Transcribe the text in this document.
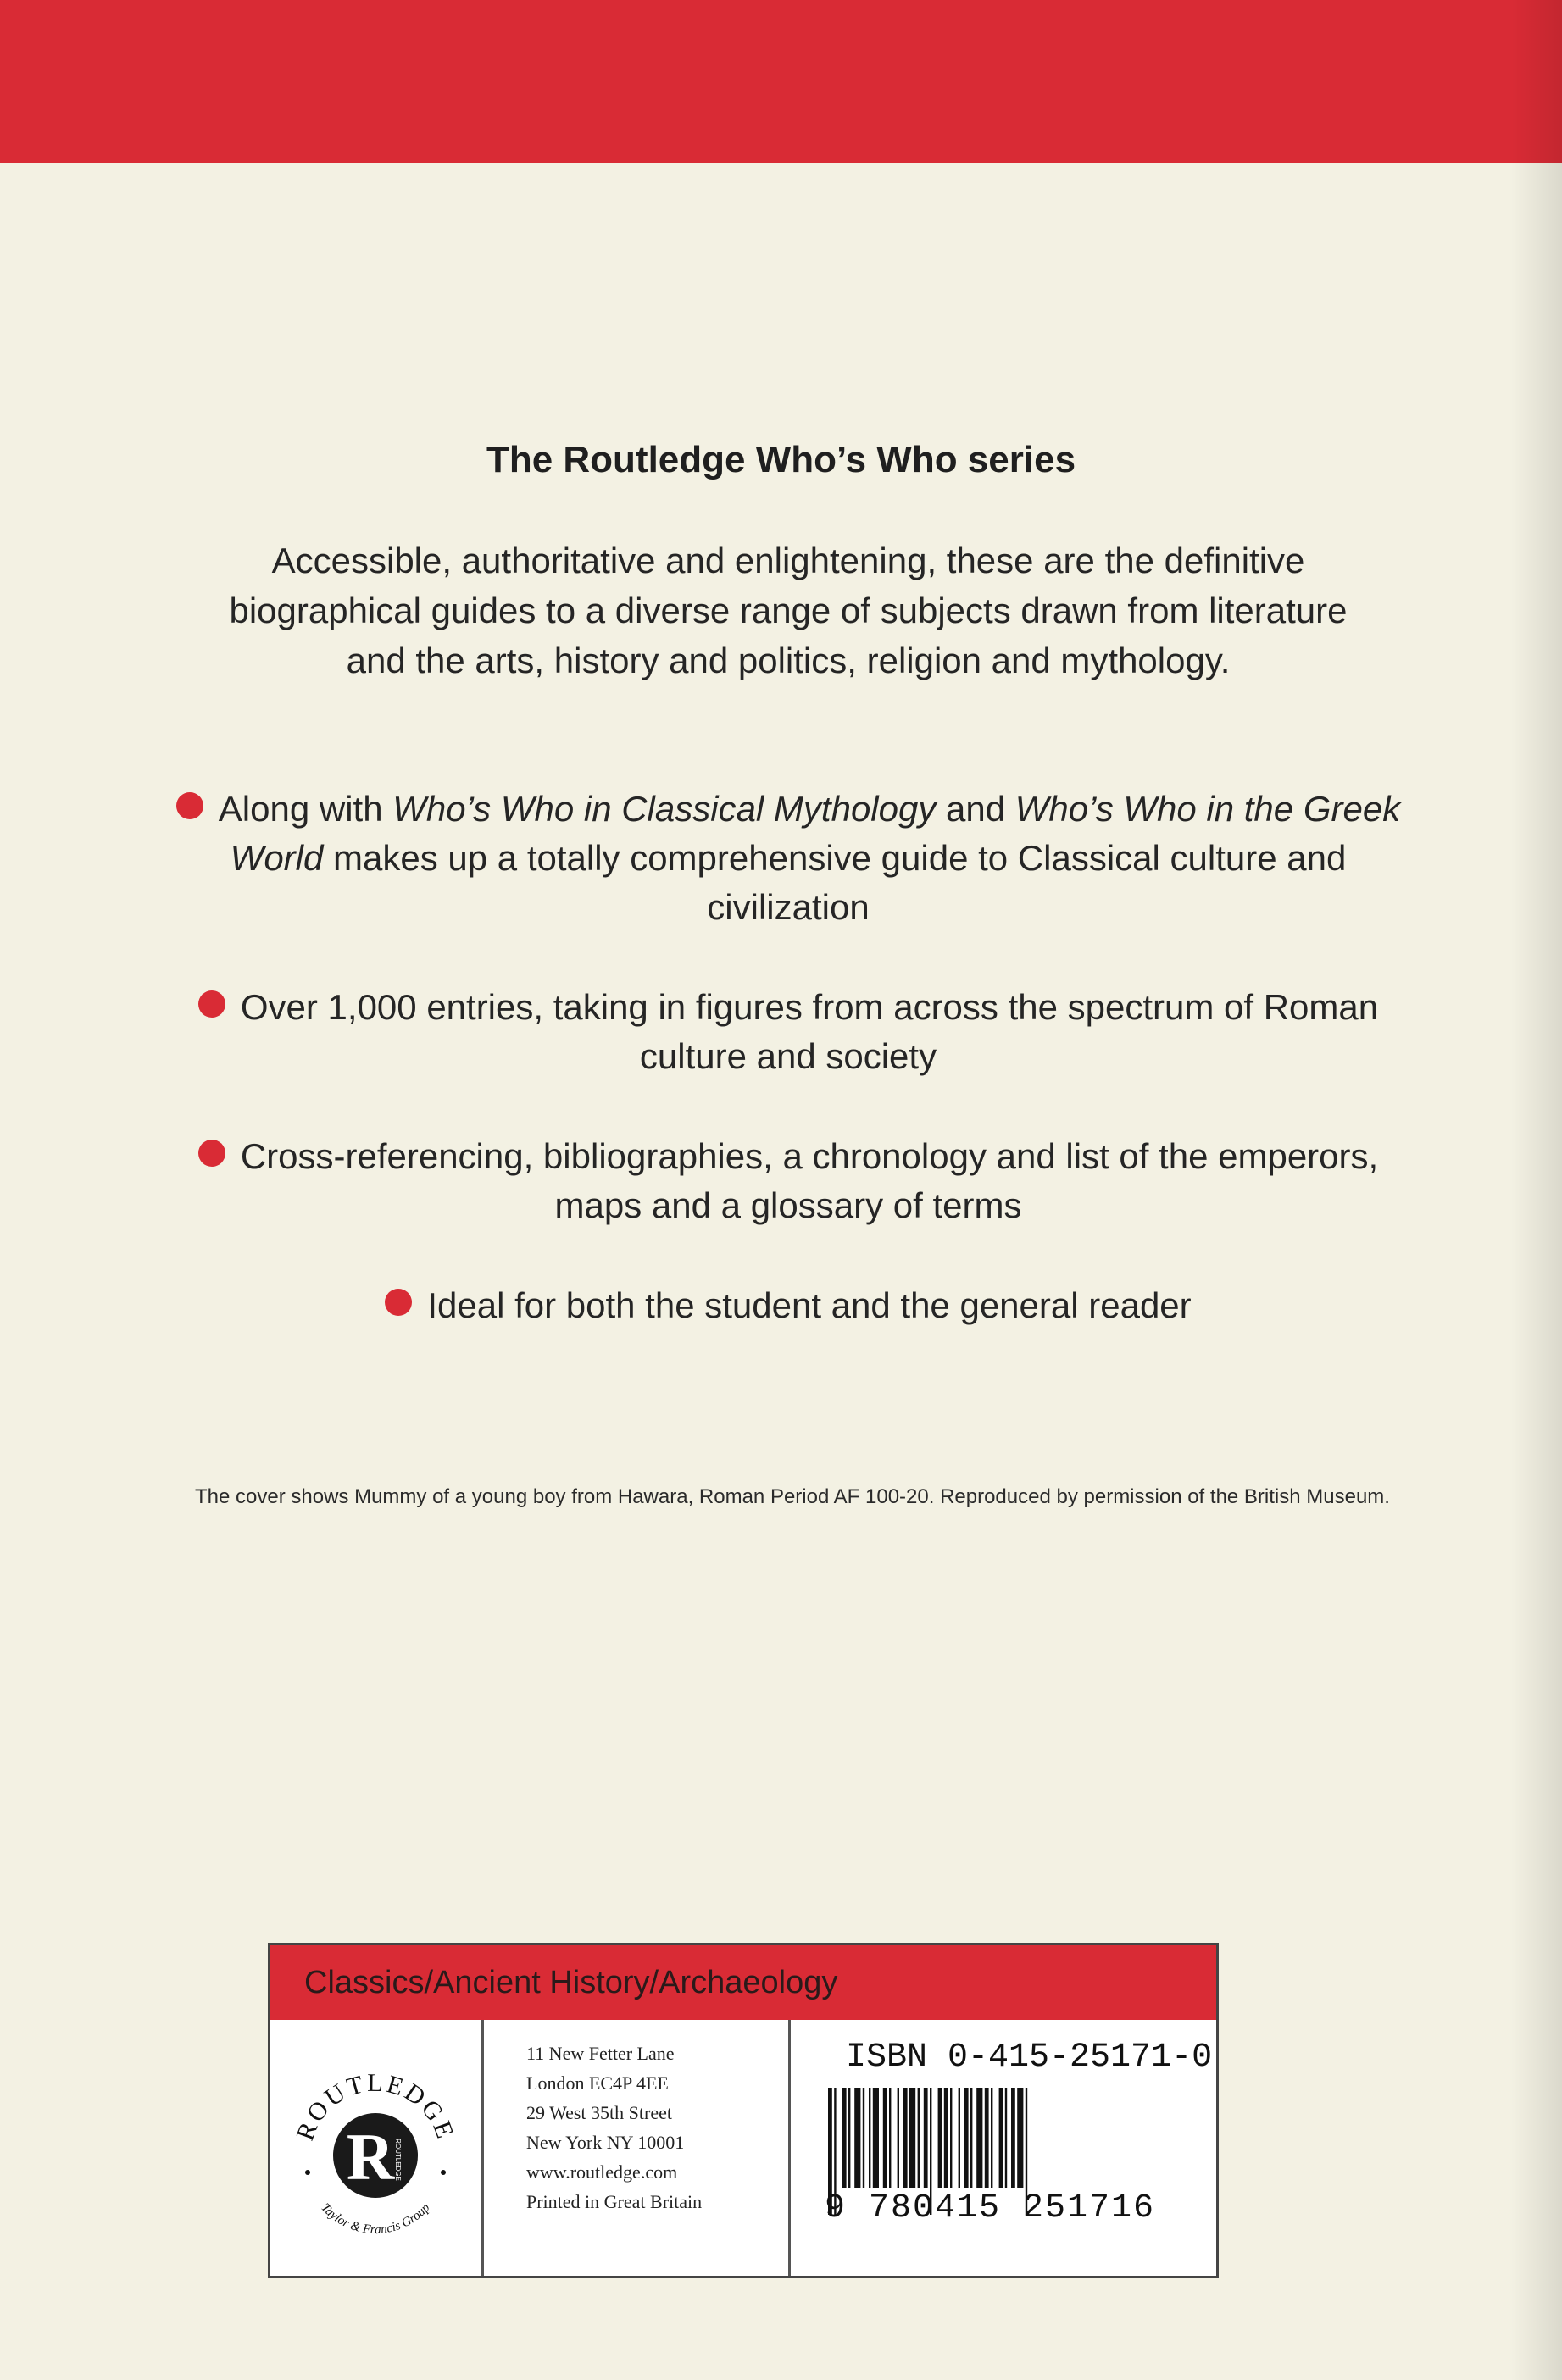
The Routledge Who’s Who series

Accessible, authoritative and enlightening, these are the definitive biographical guides to a diverse range of subjects drawn from literature and the arts, history and politics, religion and mythology.

Along with Who’s Who in Classical Mythology and Who’s Who in the Greek World makes up a totally comprehensive guide to Classical culture and civilization
Over 1,000 entries, taking in figures from across the spectrum of Roman culture and society
Cross-referencing, bibliographies, a chronology and list of the emperors, maps and a glossary of terms
Ideal for both the student and the general reader

The cover shows Mummy of a young boy from Hawara, Roman Period AF 100-20. Reproduced by permission of the British Museum.

Classics/Ancient History/Archaeology
ROUTLEDGE
Taylor & Francis Group
R ROUTLEDGE
11 New Fetter Lane
London EC4P 4EE
29 West 35th Street
New York NY 10001
www.routledge.com
Printed in Great Britain
ISBN 0-415-25171-0
9 780415 251716
